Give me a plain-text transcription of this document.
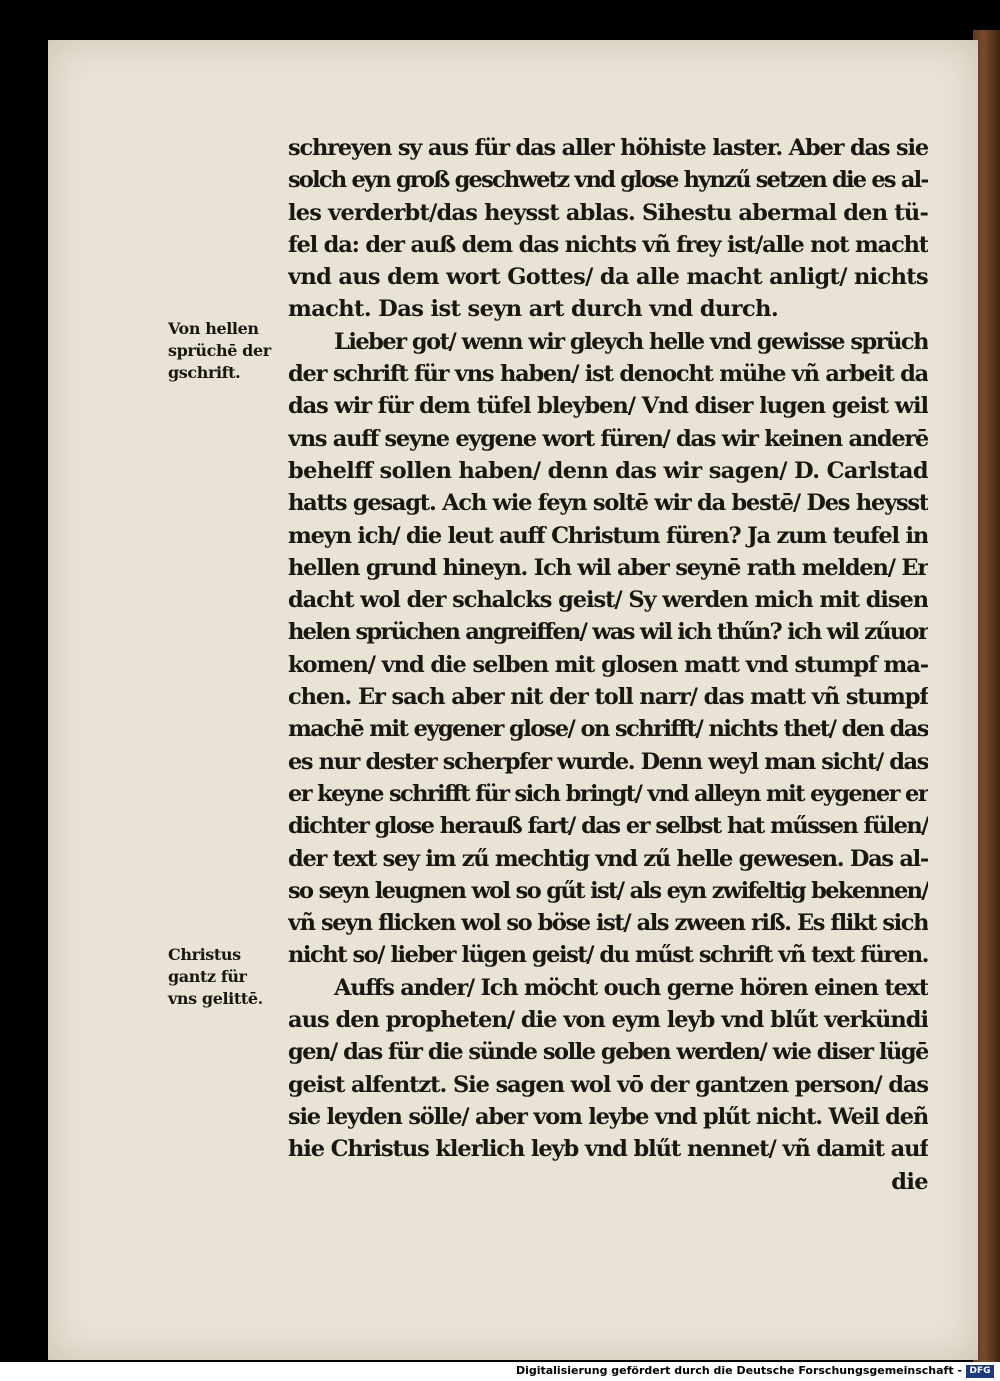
Von hellen
sprüchē der
gschrift.
Christus
gantz für
vns gelittē.
schreyen sy aus für das aller höhiste laster. Aber das sie
solch eyn groß geschwetz vnd glose hynzű setzen die es al-
les verderbt/das heysst ablas. Sihestu abermal den tü-
fel da: der auß dem das nichts vñ frey ist/alle not macht
vnd aus dem wort Gottes/ da alle macht anligt/ nichts
macht. Das ist seyn art durch vnd durch.
Lieber got/ wenn wir gleych helle vnd gewisse sprüch
der schrift für vns haben/ ist denocht mühe vñ arbeit da
das wir für dem tüfel bleyben/ Vnd diser lugen geist wil
vns auff seyne eygene wort füren/ das wir keinen anderē
behelff sollen haben/ denn das wir sagen/ D. Carlstad
hatts gesagt. Ach wie feyn soltē wir da bestē/ Des heysst
meyn ich/ die leut auff Christum füren? Ja zum teufel in
hellen grund hineyn. Ich wil aber seynē rath melden/ Er
dacht wol der schalcks geist/ Sy werden mich mit disen
helen sprüchen angreiffen/ was wil ich thűn? ich wil zűuor
komen/ vnd die selben mit glosen matt vnd stumpf ma-
chen. Er sach aber nit der toll narr/ das matt vñ stumpf
machē mit eygener glose/ on schrifft/ nichts thet/ den das
es nur dester scherpfer wurde. Denn weyl man sicht/ das
er keyne schrifft für sich bringt/ vnd alleyn mit eygener er
dichter glose herauß fart/ das er selbst hat műssen fülen/
der text sey im zű mechtig vnd zű helle gewesen. Das al-
so seyn leugnen wol so gűt ist/ als eyn zwifeltig bekennen/
vñ seyn flicken wol so böse ist/ als zween riß. Es flikt sich
nicht so/ lieber lügen geist/ du műst schrift vñ text füren.
Auffs ander/ Ich möcht ouch gerne hören einen text
aus den propheten/ die von eym leyb vnd blűt verkündi
gen/ das für die sünde solle geben werden/ wie diser lügē
geist alfentzt. Sie sagen wol vō der gantzen person/ das
sie leyden sölle/ aber vom leybe vnd plűt nicht. Weil deñ
hie Christus klerlich leyb vnd blűt nennet/ vñ damit auf
die
Digitalisierung gefördert durch die Deutsche Forschungsgemeinschaft - DFG
